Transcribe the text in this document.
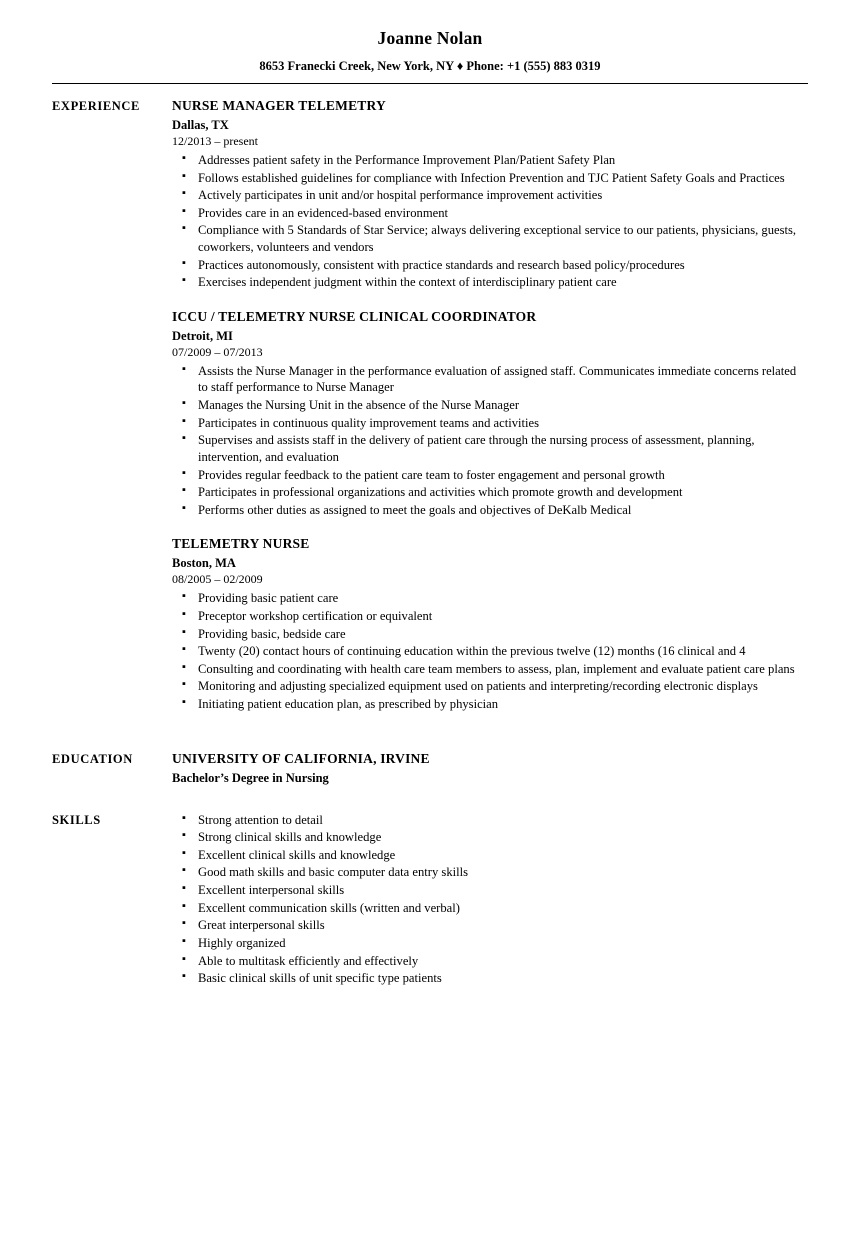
Joanne Nolan
8653 Franecki Creek, New York, NY ♦ Phone: +1 (555) 883 0319
EXPERIENCE	NURSE MANAGER TELEMETRY
Dallas, TX
12/2013 – present
▪ Addresses patient safety in the Performance Improvement Plan/Patient Safety Plan
▪ Follows established guidelines for compliance with Infection Prevention and TJC Patient Safety Goals and Practices
▪ Actively participates in unit and/or hospital performance improvement activities
▪ Provides care in an evidenced-based environment
▪ Compliance with 5 Standards of Star Service; always delivering exceptional service to our patients, physicians, guests, coworkers, volunteers and vendors
▪ Practices autonomously, consistent with practice standards and research based policy/procedures
▪ Exercises independent judgment within the context of interdisciplinary patient care
ICCU / TELEMETRY NURSE CLINICAL COORDINATOR
Detroit, MI
07/2009 – 07/2013
▪ Assists the Nurse Manager in the performance evaluation of assigned staff. Communicates immediate concerns related to staff performance to Nurse Manager
▪ Manages the Nursing Unit in the absence of the Nurse Manager
▪ Participates in continuous quality improvement teams and activities
▪ Supervises and assists staff in the delivery of patient care through the nursing process of assessment, planning, intervention, and evaluation
▪ Provides regular feedback to the patient care team to foster engagement and personal growth
▪ Participates in professional organizations and activities which promote growth and development
▪ Performs other duties as assigned to meet the goals and objectives of DeKalb Medical
TELEMETRY NURSE
Boston, MA
08/2005 – 02/2009
▪ Providing basic patient care
▪ Preceptor workshop certification or equivalent
▪ Providing basic, bedside care
▪ Twenty (20) contact hours of continuing education within the previous twelve (12) months (16 clinical and 4
▪ Consulting and coordinating with health care team members to assess, plan, implement and evaluate patient care plans
▪ Monitoring and adjusting specialized equipment used on patients and interpreting/recording electronic displays
▪ Initiating patient education plan, as prescribed by physician
EDUCATION	UNIVERSITY OF CALIFORNIA, IRVINE
Bachelor’s Degree in Nursing
SKILLS	▪ Strong attention to detail
▪ Strong clinical skills and knowledge
▪ Excellent clinical skills and knowledge
▪ Good math skills and basic computer data entry skills
▪ Excellent interpersonal skills
▪ Excellent communication skills (written and verbal)
▪ Great interpersonal skills
▪ Highly organized
▪ Able to multitask efficiently and effectively
▪ Basic clinical skills of unit specific type patients
